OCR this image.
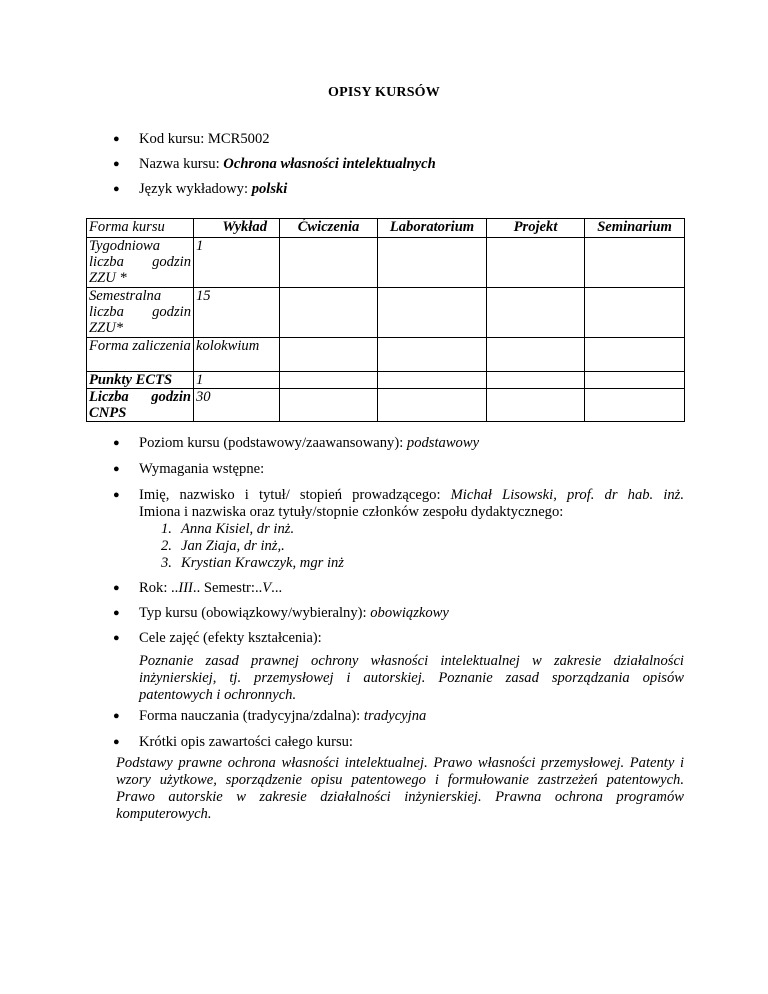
OPISY KURSÓW
● Kod kursu: MCR5002
● Nazwa kursu: Ochrona własności intelektualnych
● Język wykładowy: polski
Forma kursu	Wykład	Ćwiczenia	Laboratorium	Projekt	Seminarium
Tygodniowa liczba godzin ZZU *	1				
Semestralna liczba godzin ZZU*	15				
Forma zaliczenia	kolokwium				
Punkty ECTS	1				
Liczba godzin CNPS	30				
● Poziom kursu (podstawowy/zaawansowany): podstawowy
● Wymagania wstępne:
● Imię, nazwisko i tytuł/ stopień prowadzącego: Michał Lisowski, prof. dr hab. inż.
Imiona i nazwiska oraz tytuły/stopnie członków zespołu dydaktycznego:
1. Anna Kisiel, dr inż.
2. Jan Ziaja, dr inż,.
3. Krystian Krawczyk, mgr inż
● Rok: ..III.. Semestr:..V...
● Typ kursu (obowiązkowy/wybieralny): obowiązkowy
● Cele zajęć (efekty kształcenia):
Poznanie zasad prawnej ochrony własności intelektualnej w zakresie działalności inżynierskiej, tj. przemysłowej i autorskiej. Poznanie zasad sporządzania opisów patentowych i ochronnych.
● Forma nauczania (tradycyjna/zdalna): tradycyjna
● Krótki opis zawartości całego kursu:
Podstawy prawne ochrona własności intelektualnej. Prawo własności przemysłowej. Patenty i wzory użytkowe, sporządzenie opisu patentowego i formułowanie zastrzeżeń patentowych. Prawo autorskie w zakresie działalności inżynierskiej. Prawna ochrona programów komputerowych.
